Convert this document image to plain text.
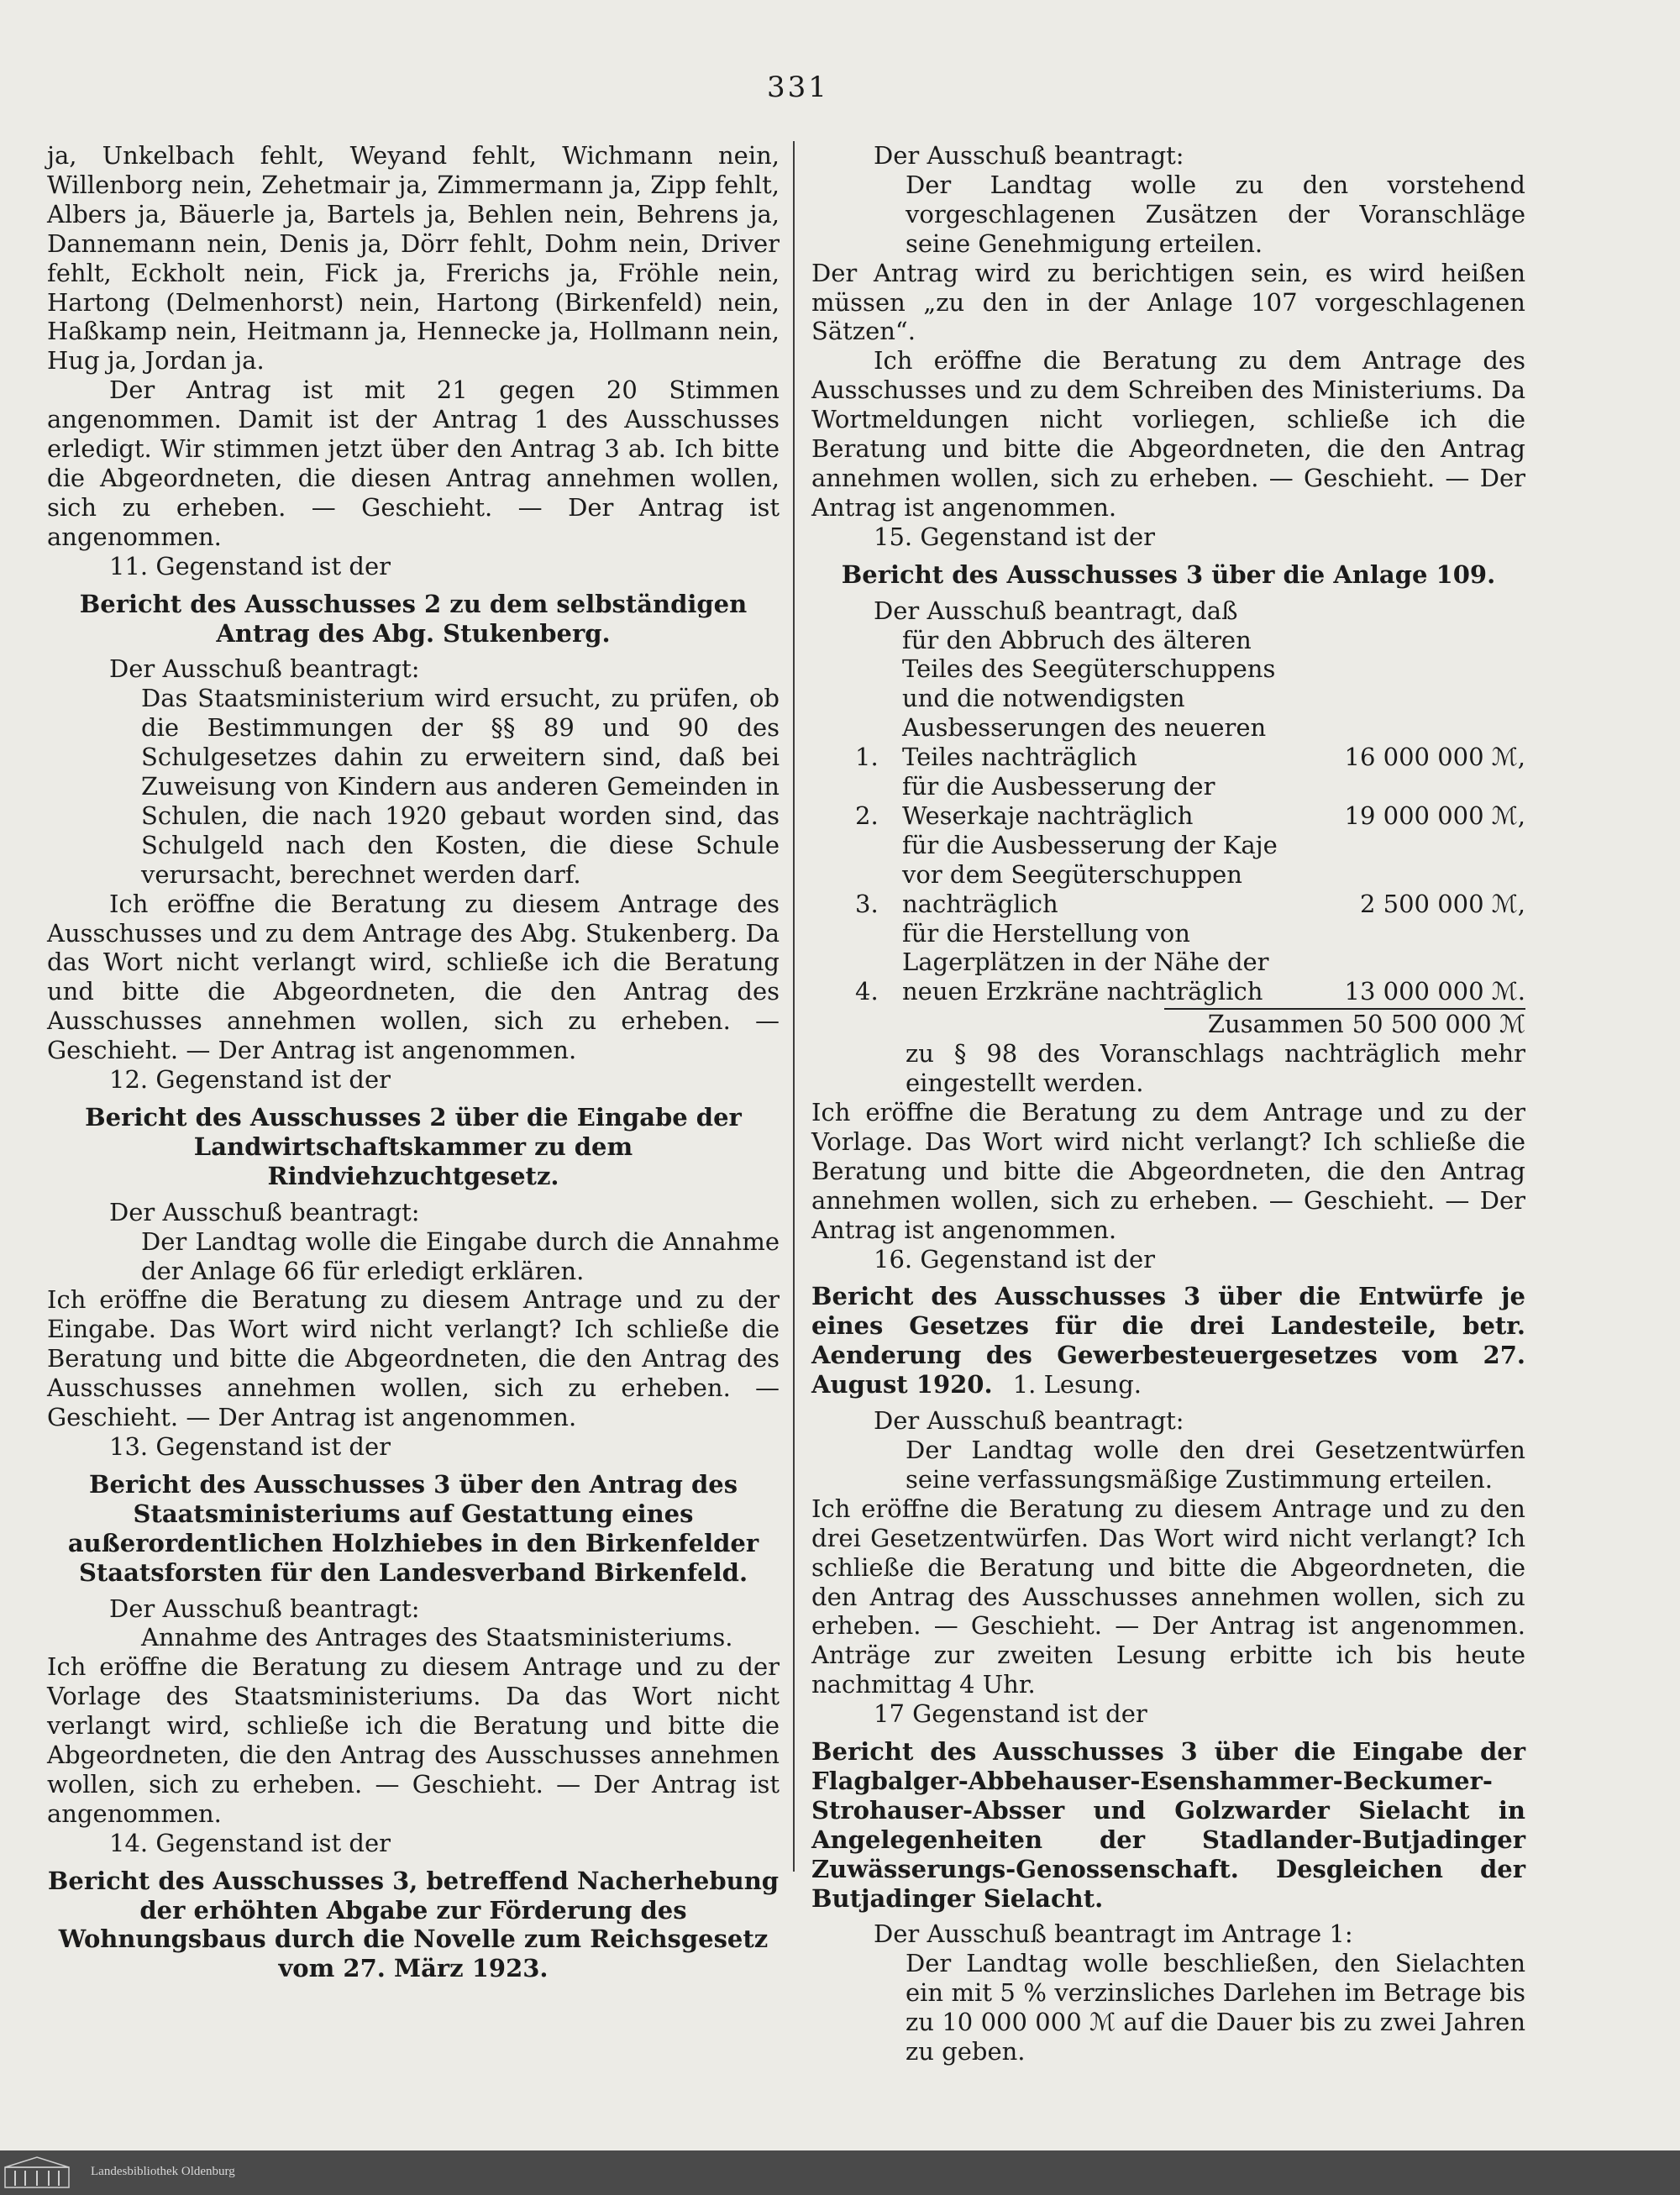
331

ja, Unkelbach fehlt, Weyand fehlt, Wichmann nein, Willenborg nein, Zehetmair ja, Zimmermann ja, Zipp fehlt, Albers ja, Bäuerle ja, Bartels ja, Behlen nein, Behrens ja, Dannemann nein, Denis ja, Dörr fehlt, Dohm nein, Driver fehlt, Eckholt nein, Fick ja, Frerichs ja, Fröhle nein, Hartong (Delmenhorst) nein, Hartong (Birkenfeld) nein, Haßkamp nein, Heitmann ja, Hennecke ja, Hollmann nein, Hug ja, Jordan ja.

Der Antrag ist mit 21 gegen 20 Stimmen angenommen. Damit ist der Antrag 1 des Ausschusses erledigt. Wir stimmen jetzt über den Antrag 3 ab. Ich bitte die Abgeordneten, die diesen Antrag annehmen wollen, sich zu erheben. — Geschieht. — Der Antrag ist angenommen.

11. Gegenstand ist der

Bericht des Ausschusses 2 zu dem selbständigen Antrag des Abg. Stukenberg.

Der Ausschuß beantragt:

Das Staatsministerium wird ersucht, zu prüfen, ob die Bestimmungen der §§ 89 und 90 des Schulgesetzes dahin zu erweitern sind, daß bei Zuweisung von Kindern aus anderen Gemeinden in Schulen, die nach 1920 gebaut worden sind, das Schulgeld nach den Kosten, die diese Schule verursacht, berechnet werden darf.

Ich eröffne die Beratung zu diesem Antrage des Ausschusses und zu dem Antrage des Abg. Stukenberg. Da das Wort nicht verlangt wird, schließe ich die Beratung und bitte die Abgeordneten, die den Antrag des Ausschusses annehmen wollen, sich zu erheben. — Geschieht. — Der Antrag ist angenommen.

12. Gegenstand ist der

Bericht des Ausschusses 2 über die Eingabe der Landwirtschaftskammer zu dem Rindviehzuchtgesetz.

Der Ausschuß beantragt:

Der Landtag wolle die Eingabe durch die Annahme der Anlage 66 für erledigt erklären.

Ich eröffne die Beratung zu diesem Antrage und zu der Eingabe. Das Wort wird nicht verlangt? Ich schließe die Beratung und bitte die Abgeordneten, die den Antrag des Ausschusses annehmen wollen, sich zu erheben. — Geschieht. — Der Antrag ist angenommen.

13. Gegenstand ist der

Bericht des Ausschusses 3 über den Antrag des Staatsministeriums auf Gestattung eines außerordentlichen Holzhiebes in den Birkenfelder Staatsforsten für den Landesverband Birkenfeld.

Der Ausschuß beantragt:

Annahme des Antrages des Staatsministeriums.

Ich eröffne die Beratung zu diesem Antrage und zu der Vorlage des Staatsministeriums. Da das Wort nicht verlangt wird, schließe ich die Beratung und bitte die Abgeordneten, die den Antrag des Ausschusses annehmen wollen, sich zu erheben. — Geschieht. — Der Antrag ist angenommen.

14. Gegenstand ist der

Bericht des Ausschusses 3, betreffend Nacherhebung der erhöhten Abgabe zur Förderung des Wohnungsbaus durch die Novelle zum Reichsgesetz vom 27. März 1923.

Der Ausschuß beantragt:

Der Landtag wolle zu den vorstehend vorgeschlagenen Zusätzen der Voranschläge seine Genehmigung erteilen.

Der Antrag wird zu berichtigen sein, es wird heißen müssen „zu den in der Anlage 107 vorgeschlagenen Sätzen“.

Ich eröffne die Beratung zu dem Antrage des Ausschusses und zu dem Schreiben des Ministeriums. Da Wortmeldungen nicht vorliegen, schließe ich die Beratung und bitte die Abgeordneten, die den Antrag annehmen wollen, sich zu erheben. — Geschieht. — Der Antrag ist angenommen.

15. Gegenstand ist der

Bericht des Ausschusses 3 über die Anlage 109.

Der Ausschuß beantragt, daß

1.
für den Abbruch des älteren Teiles des Seegüterschuppens und die notwendigsten Ausbesserungen des neueren Teiles nachträglich	16 000 000 ℳ,
2.
für die Ausbesserung der Weserkaje nachträglich	19 000 000 ℳ,
3.
für die Ausbesserung der Kaje vor dem Seegüterschuppen nachträglich	2 500 000 ℳ,
4.
für die Herstellung von Lagerplätzen in der Nähe der neuen Erzkräne nachträglich	13 000 000 ℳ.
Zusammen 50 500 000 ℳ

zu § 98 des Voranschlags nachträglich mehr eingestellt werden.

Ich eröffne die Beratung zu dem Antrage und zu der Vorlage. Das Wort wird nicht verlangt? Ich schließe die Beratung und bitte die Abgeordneten, die den Antrag annehmen wollen, sich zu erheben. — Geschieht. — Der Antrag ist angenommen.

16. Gegenstand ist der

Bericht des Ausschusses 3 über die Entwürfe je eines Gesetzes für die drei Landesteile, betr. Aenderung des Gewerbesteuergesetzes vom 27. August 1920. 1. Lesung.

Der Ausschuß beantragt:

Der Landtag wolle den drei Gesetzentwürfen seine verfassungsmäßige Zustimmung erteilen.

Ich eröffne die Beratung zu diesem Antrage und zu den drei Gesetzentwürfen. Das Wort wird nicht verlangt? Ich schließe die Beratung und bitte die Abgeordneten, die den Antrag des Ausschusses annehmen wollen, sich zu erheben. — Geschieht. — Der Antrag ist angenommen. Anträge zur zweiten Lesung erbitte ich bis heute nachmittag 4 Uhr.

17 Gegenstand ist der

Bericht des Ausschusses 3 über die Eingabe der Flagbalger-Abbehauser-Esenshammer-Beckumer-Strohauser-Absser und Golzwarder Sielacht in Angelegenheiten der Stadlander-Butjadinger Zuwässerungs-Genossenschaft. Desgleichen der Butjadinger Sielacht.

Der Ausschuß beantragt im Antrage 1:

Der Landtag wolle beschließen, den Sielachten ein mit 5 % verzinsliches Darlehen im Betrage bis zu 10 000 000 ℳ auf die Dauer bis zu zwei Jahren zu geben.

Landesbibliothek Oldenburg
